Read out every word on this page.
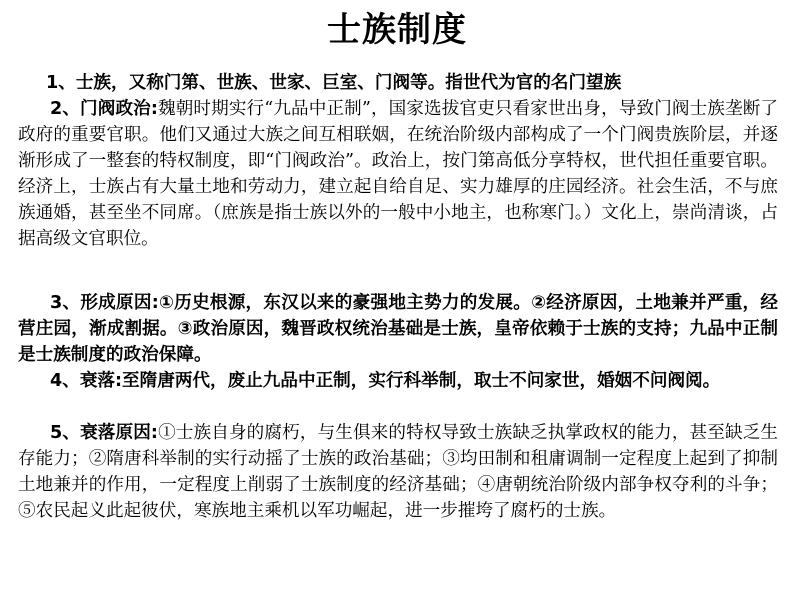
士族制度

1、士族，又称门第、世族、世家、巨室、门阀等。指世代为官的名门望族

2、门阀政治:魏朝时期实行“九品中正制”，国家选拔官吏只看家世出身，导致门阀士族垄断了政府的重要官职。他们又通过大族之间互相联姻，在统治阶级内部构成了一个门阀贵族阶层，并逐渐形成了一整套的特权制度，即“门阀政治”。政治上，按门第高低分享特权，世代担任重要官职。经济上，士族占有大量土地和劳动力，建立起自给自足、实力雄厚的庄园经济。社会生活，不与庶族通婚，甚至坐不同席。（庶族是指士族以外的一般中小地主，也称寒门。）文化上，崇尚清谈，占据高级文官职位。

3、形成原因:①历史根源，东汉以来的豪强地主势力的发展。②经济原因，土地兼并严重，经营庄园，渐成割据。③政治原因，魏晋政权统治基础是士族，皇帝依赖于士族的支持；九品中正制是士族制度的政治保障。

4、衰落:至隋唐两代，废止九品中正制，实行科举制，取士不问家世，婚姻不问阀阅。

5、衰落原因:①士族自身的腐朽，与生俱来的特权导致士族缺乏执掌政权的能力，甚至缺乏生存能力；②隋唐科举制的实行动摇了士族的政治基础；③均田制和租庸调制一定程度上起到了抑制土地兼并的作用，一定程度上削弱了士族制度的经济基础；④唐朝统治阶级内部争权夺利的斗争；⑤农民起义此起彼伏，寒族地主乘机以军功崛起，进一步摧垮了腐朽的士族。
